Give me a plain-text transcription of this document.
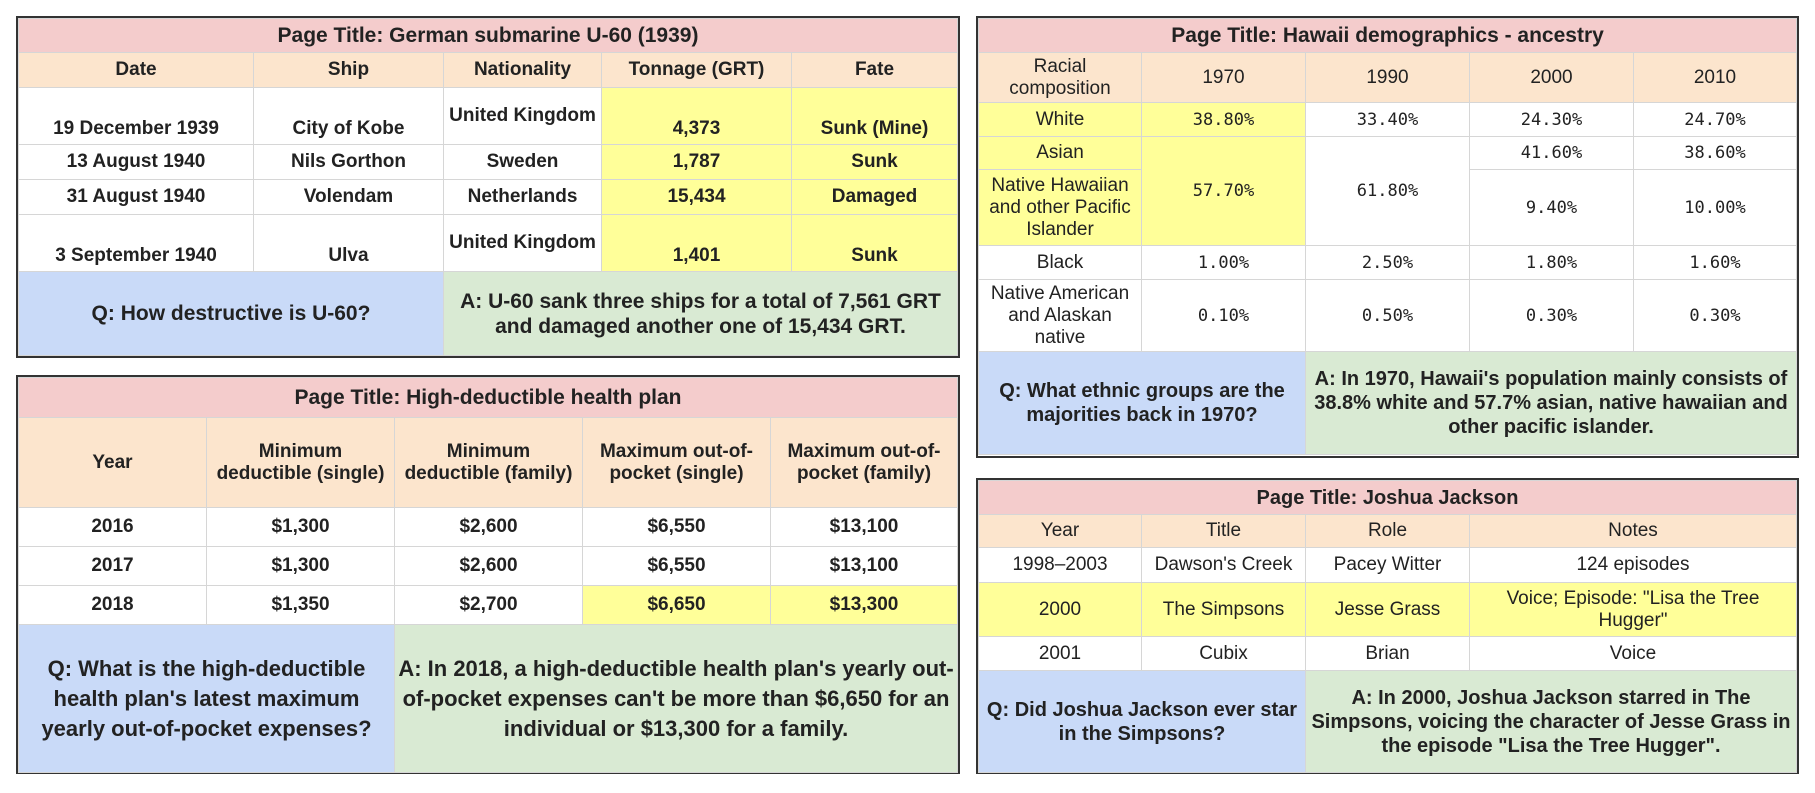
Page Title: German submarine U-60 (1939)				
Date	Ship	Nationality	Tonnage (GRT)	Fate
19 December 1939	City of Kobe	United Kingdom	4,373	Sunk (Mine)
13 August 1940	Nils Gorthon	Sweden	1,787	Sunk
31 August 1940	Volendam	Netherlands	15,434	Damaged
3 September 1940	Ulva	United Kingdom	1,401	Sunk
Q: How destructive is U-60?		A: U-60 sank three ships for a total of 7,561 GRT and damaged another one of 15,434 GRT.		
Page Title: High-deductible health plan				
Year	Minimum deductible (single)	Minimum deductible (family)	Maximum out-of-pocket (single)	Maximum out-of-pocket (family)
2016	$1,300	$2,600	$6,550	$13,100
2017	$1,300	$2,600	$6,550	$13,100
2018	$1,350	$2,700	$6,650	$13,300
Q: What is the high-deductible health plan's latest maximum yearly out-of-pocket expenses?		A: In 2018, a high-deductible health plan's yearly out-of-pocket expenses can't be more than $6,650 for an individual or $13,300 for a family.		
Page Title: Hawaii demographics - ancestry				
Racial composition	1970	1990	2000	2010
White	38.80%	33.40%	24.30%	24.70%
Asian	57.70%	61.80%	41.60%	38.60%
Native Hawaiian and other Pacific Islander			9.40%	10.00%
Black	1.00%	2.50%	1.80%	1.60%
Native American and Alaskan native	0.10%	0.50%	0.30%	0.30%
Q: What ethnic groups are the majorities back in 1970?		A: In 1970, Hawaii's population mainly consists of 38.8% white and 57.7% asian, native hawaiian and other pacific islander.		
Page Title: Joshua Jackson			
Year	Title	Role	Notes
1998–2003	Dawson's Creek	Pacey Witter	124 episodes
2000	The Simpsons	Jesse Grass	Voice; Episode: "Lisa the Tree Hugger"
2001	Cubix	Brian	Voice
Q: Did Joshua Jackson ever star in the Simpsons?		A: In 2000, Joshua Jackson starred in The Simpsons, voicing the character of Jesse Grass in the episode "Lisa the Tree Hugger".	
